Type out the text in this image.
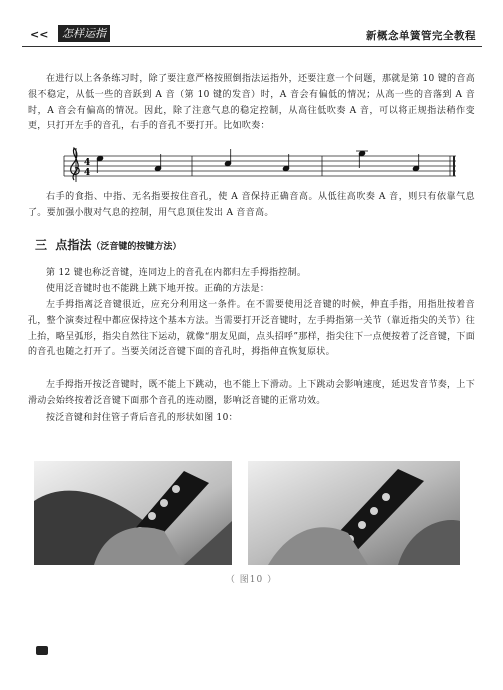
<<	怎样运指	新概念单簧管完全教程

在进行以上各条练习时，除了要注意严格按照倒指法运指外，还要注意一个问题，那就是第 10 键的音高很不稳定，从低一些的音跃到 A 音（第 10 键的发音）时，A 音会有偏低的情况；从高一些的音落到 A 音时，A 音会有偏高的情况。因此，除了注意气息的稳定控制，从高往低吹奏 A 音，可以将正规指法稍作变更，只打开左手的音孔，右手的音孔不要打开。比如吹奏：

4
4

右手的食指、中指、无名指要按住音孔，使 A 音保持正确音高。从低往高吹奏 A 音，则只有依靠气息了。要加强小腹对气息的控制，用气息顶住发出 A 音音高。

三 点指法（泛音键的按键方法）

第 12 键也称泛音键，连同边上的音孔在内都归左手拇指控制。

使用泛音键时也不能跳上跳下地开按。正确的方法是：

左手拇指离泛音键很近，应充分利用这一条件。在不需要使用泛音键的时候，伸直手指，用指肚按着音孔，整个演奏过程中都应保持这个基本方法。当需要打开泛音键时，左手拇指第一关节（靠近指尖的关节）往上抬，略呈弧形，指尖自然往下运动，就像“朋友见面，点头招呼”那样，指尖往下一点便按着了泛音键，下面的音孔也随之打开了。当要关闭泛音键下面的音孔时，拇指伸直恢复原状。

左手拇指开按泛音键时，既不能上下跳动，也不能上下滑动。上下跳动会影响速度，延迟发音节奏，上下滑动会始终按着泛音键下面那个音孔的连动圈，影响泛音键的正常功效。

按泛音键和封住管子背后音孔的形状如图 10：

（ 图10 ）
